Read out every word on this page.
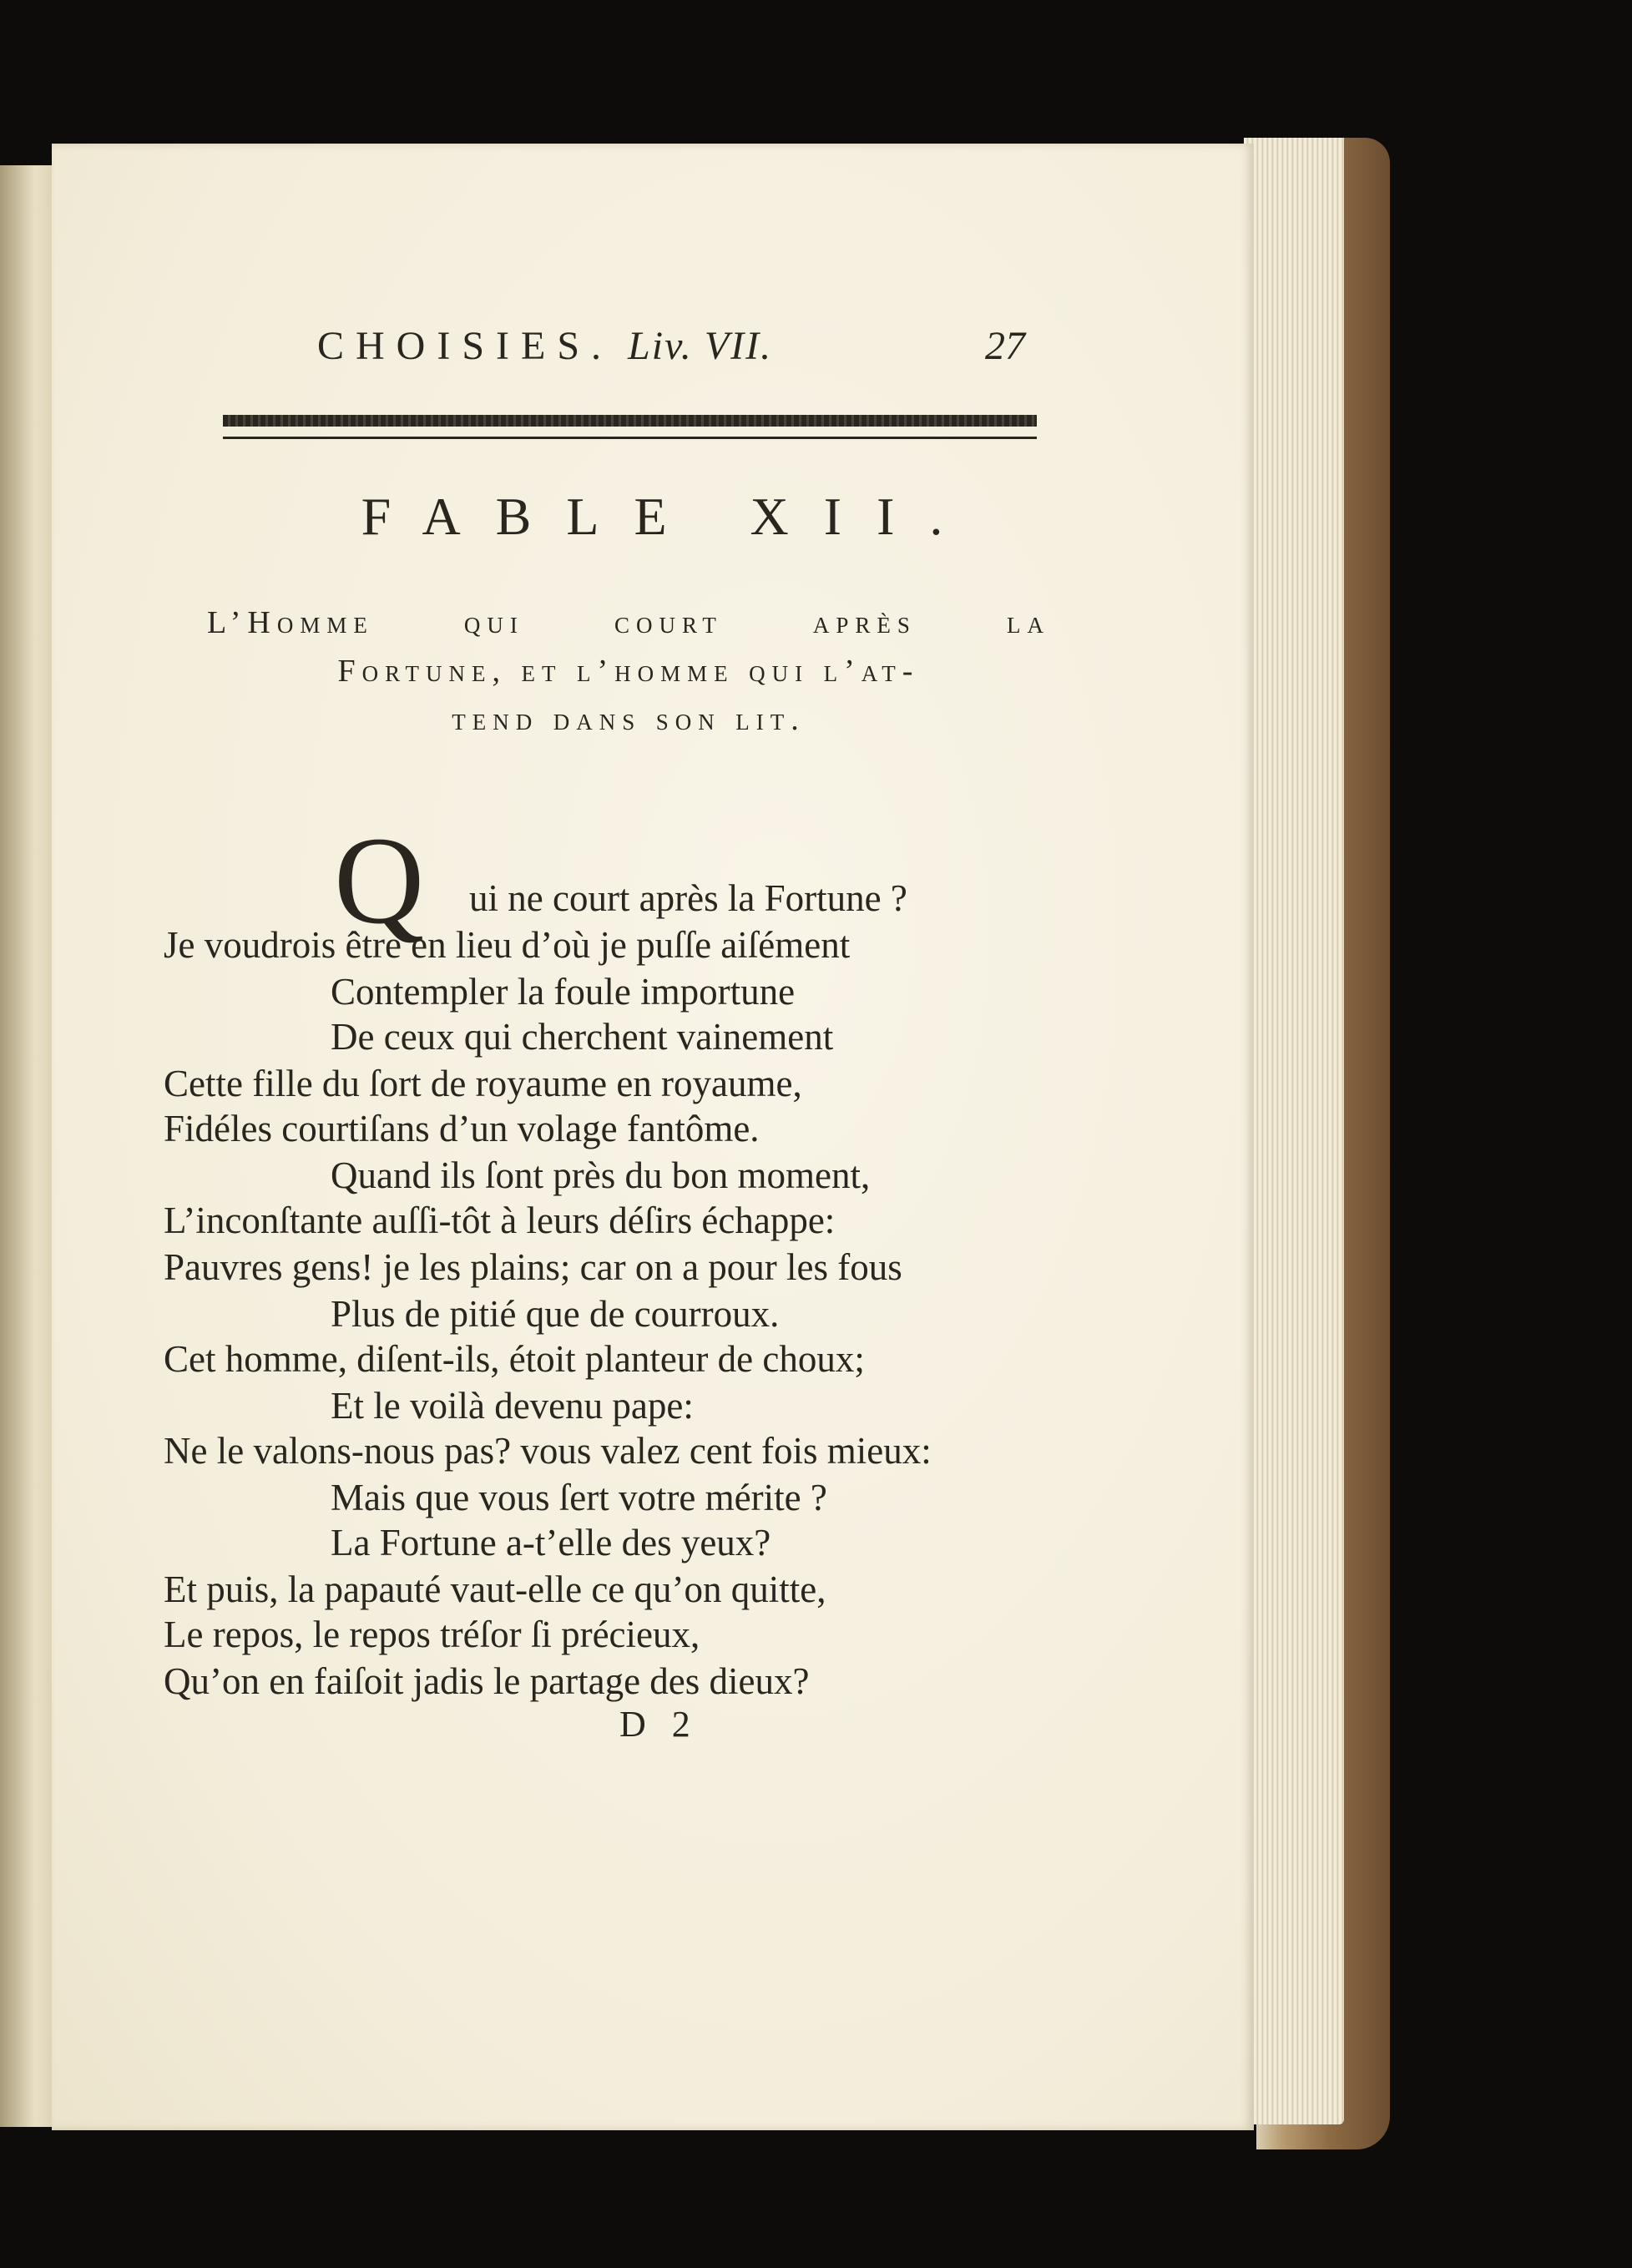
CHOISIES. Liv. VII.	27
FABLE XII.
L’Homme qui court après la
Fortune, et l’homme qui l’at-
tend dans son lit.
Q ui ne court après la Fortune ?
Je voudrois être en lieu d’où je puſſe aiſément
Contempler la foule importune
De ceux qui cherchent vainement
Cette fille du ſort de royaume en royaume,
Fidéles courtiſans d’un volage fantôme.
Quand ils ſont près du bon moment,
L’inconſtante auſſi-tôt à leurs déſirs échappe:
Pauvres gens! je les plains; car on a pour les fous
Plus de pitié que de courroux.
Cet homme, diſent-ils, étoit planteur de choux;
Et le voilà devenu pape:
Ne le valons-nous pas? vous valez cent fois mieux:
Mais que vous ſert votre mérite ?
La Fortune a-t’elle des yeux?
Et puis, la papauté vaut-elle ce qu’on quitte,
Le repos, le repos tréſor ſi précieux,
Qu’on en faiſoit jadis le partage des dieux?
D 2
